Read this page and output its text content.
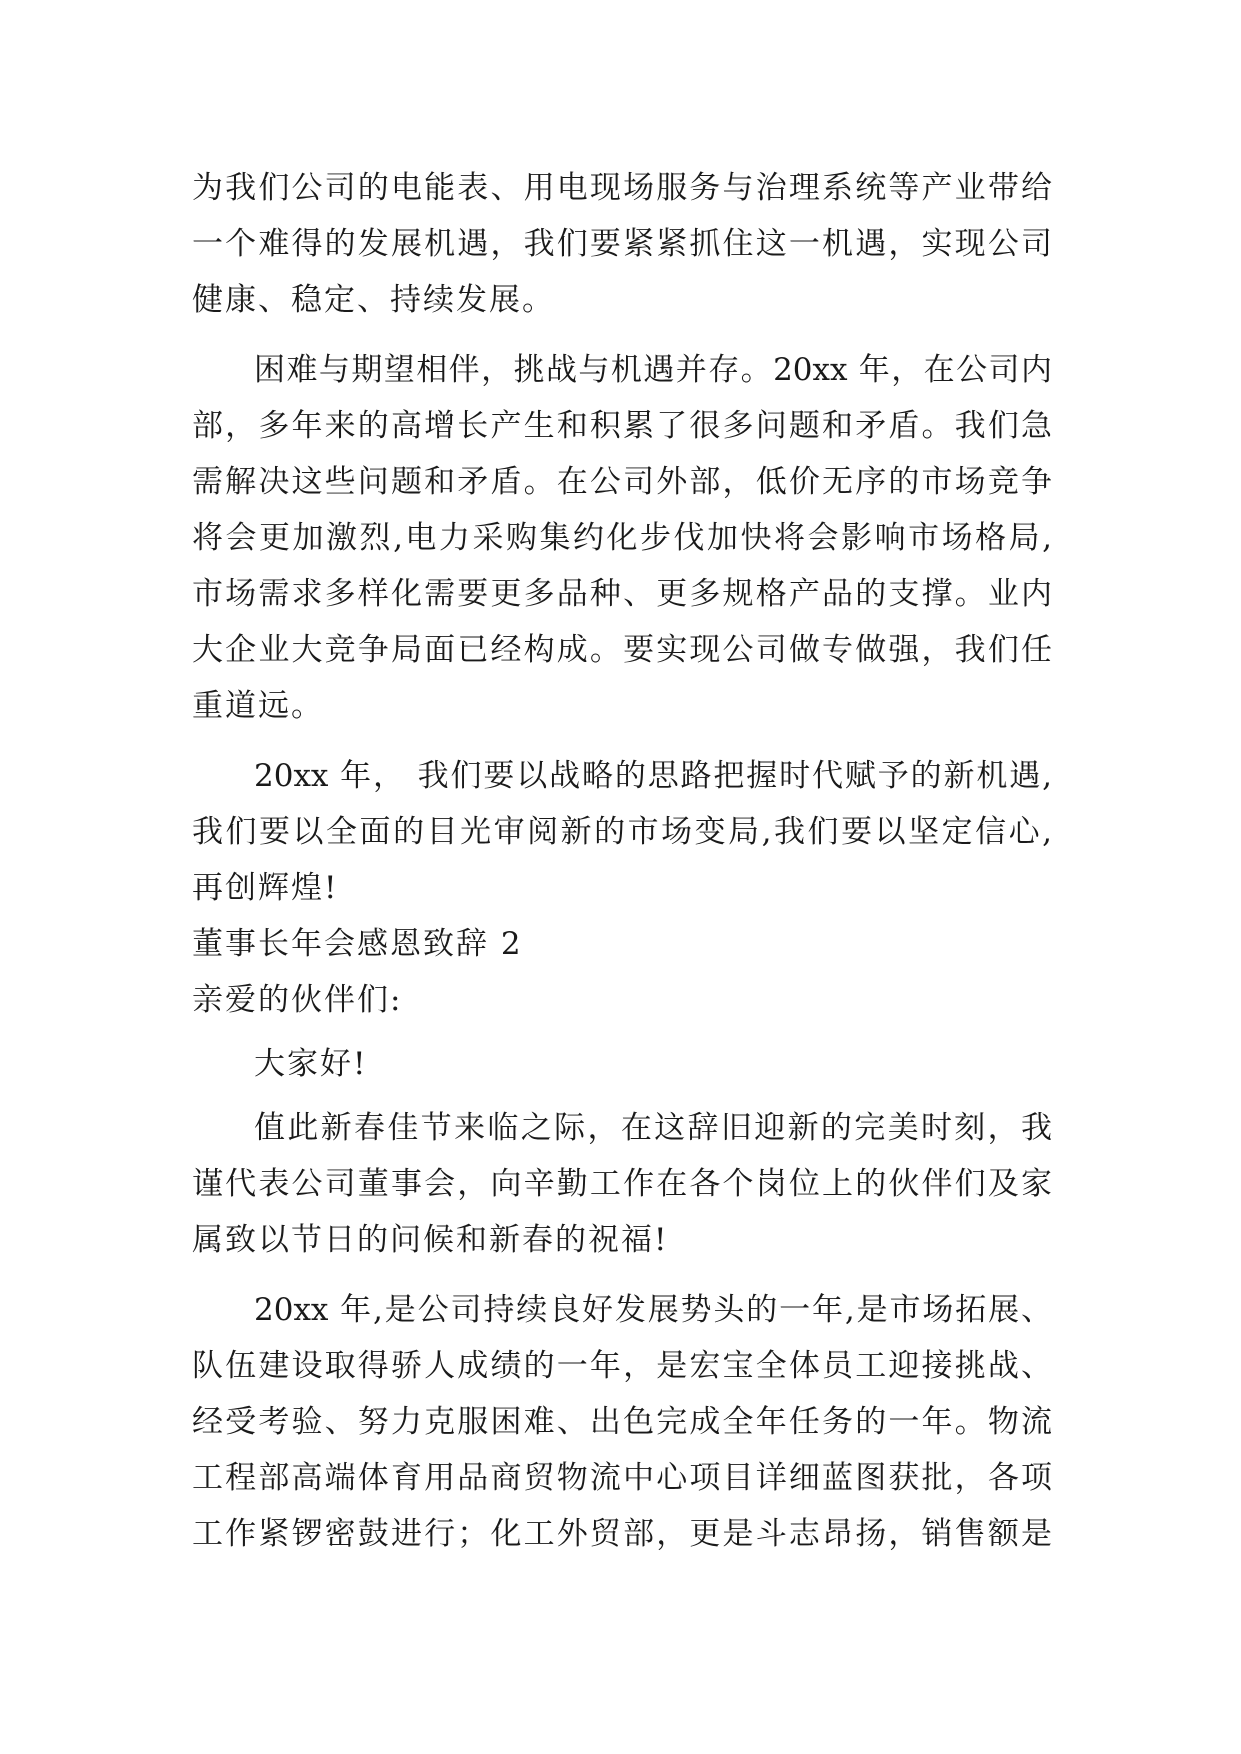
为我们公司的电能表、用电现场服务与治理系统等产业带给
一个难得的发展机遇，我们要紧紧抓住这一机遇，实现公司
健康、稳定、持续发展。
困难与期望相伴，挑战与机遇并存。20xx 年，在公司内
部，多年来的高增长产生和积累了很多问题和矛盾。我们急
需解决这些问题和矛盾。在公司外部，低价无序的市场竞争
将会更加激烈,电力采购集约化步伐加快将会影响市场格局,
市场需求多样化需要更多品种、更多规格产品的支撑。业内
大企业大竞争局面已经构成。要实现公司做专做强，我们任
重道远。
20xx 年， 我们要以战略的思路把握时代赋予的新机遇,
我们要以全面的目光审阅新的市场变局,我们要以坚定信心,
再创辉煌!
董事长年会感恩致辞 2
亲爱的伙伴们:
大家好!
值此新春佳节来临之际，在这辞旧迎新的完美时刻，我
谨代表公司董事会，向辛勤工作在各个岗位上的伙伴们及家
属致以节日的问候和新春的祝福!
20xx 年,是公司持续良好发展势头的一年,是市场拓展、
队伍建设取得骄人成绩的一年，是宏宝全体员工迎接挑战、
经受考验、努力克服困难、出色完成全年任务的一年。物流
工程部高端体育用品商贸物流中心项目详细蓝图获批，各项
工作紧锣密鼓进行；化工外贸部，更是斗志昂扬，销售额是
